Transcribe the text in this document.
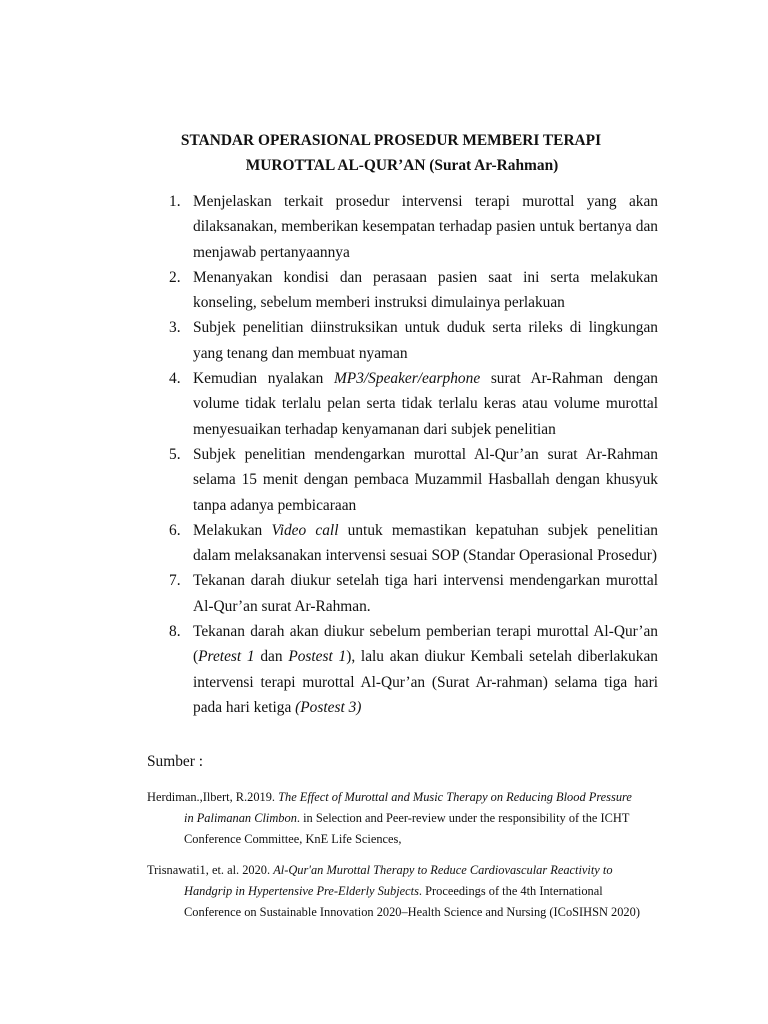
STANDAR OPERASIONAL PROSEDUR MEMBERI TERAPI
MUROTTAL AL-QUR’AN (Surat Ar-Rahman)
1. Menjelaskan terkait prosedur intervensi terapi murottal yang akan dilaksanakan, memberikan kesempatan terhadap pasien untuk bertanya dan menjawab pertanyaannya
2. Menanyakan kondisi dan perasaan pasien saat ini serta melakukan konseling, sebelum memberi instruksi dimulainya perlakuan
3. Subjek penelitian diinstruksikan untuk duduk serta rileks di lingkungan yang tenang dan membuat nyaman
4. Kemudian nyalakan MP3/Speaker/earphone surat Ar-Rahman dengan volume tidak terlalu pelan serta tidak terlalu keras atau volume murottal menyesuaikan terhadap kenyamanan dari subjek penelitian
5. Subjek penelitian mendengarkan murottal Al-Qur’an surat Ar-Rahman selama 15 menit dengan pembaca Muzammil Hasballah dengan khusyuk tanpa adanya pembicaraan
6. Melakukan Video call untuk memastikan kepatuhan subjek penelitian dalam melaksanakan intervensi sesuai SOP (Standar Operasional Prosedur)
7. Tekanan darah diukur setelah tiga hari intervensi mendengarkan murottal Al-Qur’an surat Ar-Rahman.
8. Tekanan darah akan diukur sebelum pemberian terapi murottal Al-Qur’an (Pretest 1 dan Postest 1), lalu akan diukur Kembali setelah diberlakukan intervensi terapi murottal Al-Qur’an (Surat Ar-rahman) selama tiga hari pada hari ketiga (Postest 3)
Sumber :
Herdiman.,Ilbert, R.2019. The Effect of Murottal and Music Therapy on Reducing Blood Pressure
in Palimanan Climbon. in Selection and Peer-review under the responsibility of the ICHT
Conference Committee, KnE Life Sciences,
Trisnawati1, et. al. 2020. Al-Qur'an Murottal Therapy to Reduce Cardiovascular Reactivity to
Handgrip in Hypertensive Pre-Elderly Subjects. Proceedings of the 4th International
Conference on Sustainable Innovation 2020–Health Science and Nursing (ICoSIHSN 2020)
